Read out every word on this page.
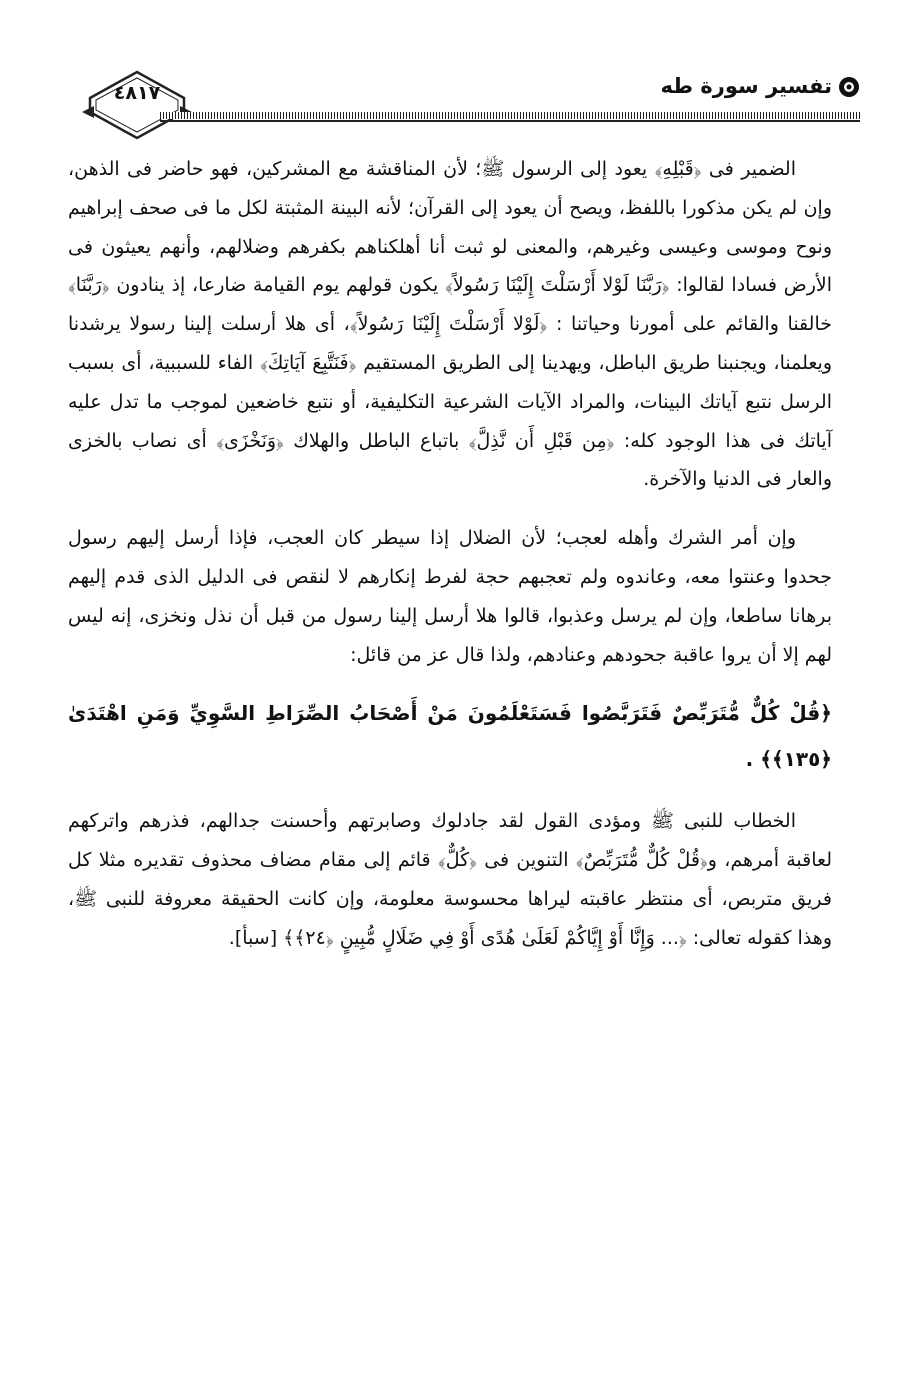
٤٨١٧	تفسير سورة طه

الضمير فى ﴿قَبْلِهِ﴾ يعود إلى الرسول ﷺ؛ لأن المناقشة مع المشركين، فهو حاضر فى الذهن، وإن لم يكن مذكورا باللفظ، ويصح أن يعود إلى القرآن؛ لأنه البينة المثبتة لكل ما فى صحف إبراهيم ونوح وموسى وعيسى وغيرهم، والمعنى لو ثبت أنا أهلكناهم بكفرهم وضلالهم، وأنهم يعيثون فى الأرض فسادا لقالوا: ﴿رَبَّنَا لَوْلا أَرْسَلْتَ إِلَيْنَا رَسُولاً﴾ يكون قولهم يوم القيامة ضارعا، إذ ينادون ﴿رَبَّنَا﴾ خالقنا والقائم على أمورنا وحياتنا : ﴿لَوْلا أَرْسَلْتَ إِلَيْنَا رَسُولاً﴾، أى هلا أرسلت إلينا رسولا يرشدنا ويعلمنا، ويجنبنا طريق الباطل، ويهدينا إلى الطريق المستقيم ﴿فَنَتَّبِعَ آيَاتِكَ﴾ الفاء للسببية، أى بسبب الرسل نتبع آياتك البينات، والمراد الآيات الشرعية التكليفية، أو نتبع خاضعين لموجب ما تدل عليه آياتك فى هذا الوجود كله: ﴿مِن قَبْلِ أَن نَّذِلَّ﴾ باتباع الباطل والهلاك ﴿وَنَخْزَى﴾ أى نصاب بالخزى والعار فى الدنيا والآخرة.

وإن أمر الشرك وأهله لعجب؛ لأن الضلال إذا سيطر كان العجب، فإذا أرسل إليهم رسول جحدوا وعنتوا معه، وعاندوه ولم تعجبهم حجة لفرط إنكارهم لا لنقص فى الدليل الذى قدم إليهم برهانا ساطعا، وإن لم يرسل وعذبوا، قالوا هلا أرسل إلينا رسول من قبل أن نذل ونخزى، إنه ليس لهم إلا أن يروا عاقبة جحودهم وعنادهم، ولذا قال عز من قائل:

﴿قُلْ كُلٌّ مُّتَرَبِّصٌ فَتَرَبَّصُوا فَسَتَعْلَمُونَ مَنْ أَصْحَابُ الصِّرَاطِ السَّوِيِّ وَمَنِ اهْتَدَىٰ ﴿١٣٥﴾﴾ .

الخطاب للنبى ﷺ ومؤدى القول لقد جادلوك وصابرتهم وأحسنت جدالهم، فذرهم واتركهم لعاقبة أمرهم، و﴿قُلْ كُلٌّ مُّتَرَبِّصٌ﴾ التنوين فى ﴿كُلٌّ﴾ قائم إلى مقام مضاف محذوف تقديره مثلا كل فريق متربص، أى منتظر عاقبته ليراها محسوسة معلومة، وإن كانت الحقيقة معروفة للنبى ﷺ، وهذا كقوله تعالى: ﴿... وَإِنَّا أَوْ إِيَّاكُمْ لَعَلَىٰ هُدًى أَوْ فِي ضَلَالٍ مُّبِينٍ ﴿٢٤﴾﴾ [سبأ].
